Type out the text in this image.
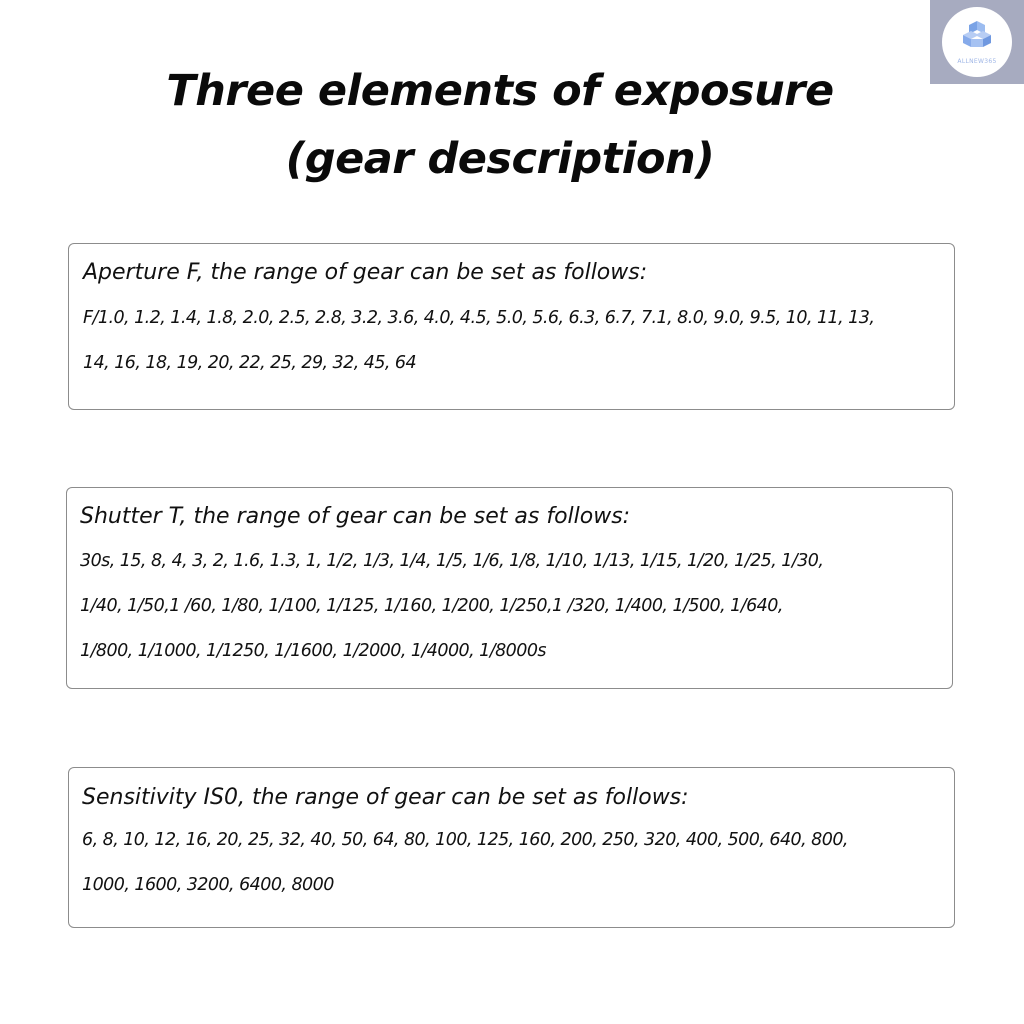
ALLNEW365
Three elements of exposure
(gear description)
Aperture F, the range of gear can be set as follows:
F/1.0, 1.2, 1.4, 1.8, 2.0, 2.5, 2.8, 3.2, 3.6, 4.0, 4.5, 5.0, 5.6, 6.3, 6.7, 7.1, 8.0, 9.0, 9.5, 10, 11, 13,
14, 16, 18, 19, 20, 22, 25, 29, 32, 45, 64
Shutter T, the range of gear can be set as follows:
30s, 15, 8, 4, 3, 2, 1.6, 1.3, 1, 1/2, 1/3, 1/4, 1/5, 1/6, 1/8, 1/10, 1/13, 1/15, 1/20, 1/25, 1/30,
1/40, 1/50,1 /60, 1/80, 1/100, 1/125, 1/160, 1/200, 1/250,1 /320, 1/400, 1/500, 1/640,
1/800, 1/1000, 1/1250, 1/1600, 1/2000, 1/4000, 1/8000s
Sensitivity IS0, the range of gear can be set as follows:
6, 8, 10, 12, 16, 20, 25, 32, 40, 50, 64, 80, 100, 125, 160, 200, 250, 320, 400, 500, 640, 800,
1000, 1600, 3200, 6400, 8000
